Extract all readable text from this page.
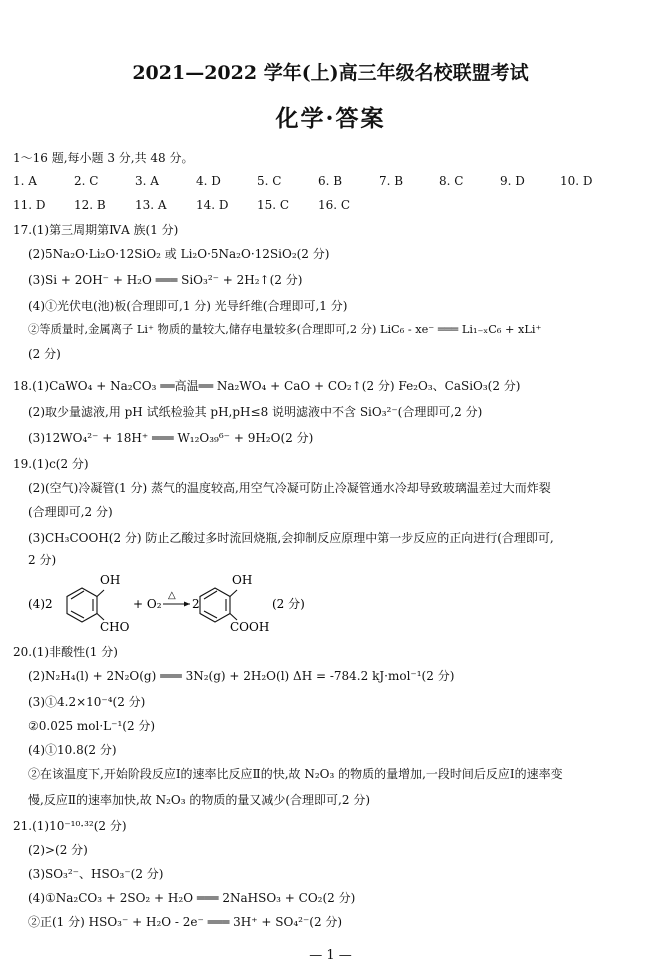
2021—2022 学年(上)高三年级名校联盟考试
化学·答案
1～16 题,每小题 3 分,共 48 分。
1. A	2. C	3. A	4. D	5. C	6. B	7. B	8. C	9. D	10. D
11. D 12. B 13. A 14. D 15. C 16. C
17.(1)第三周期第ⅣA 族(1 分)
(2)5Na₂O·Li₂O·12SiO₂ 或 Li₂O·5Na₂O·12SiO₂(2 分)
(3)Si + 2OH⁻ + H₂O ═══ SiO₃²⁻ + 2H₂↑(2 分)
(4)①光伏电(池)板(合理即可,1 分) 光导纤维(合理即可,1 分)
②等质量时,金属离子 Li⁺ 物质的量较大,储存电量较多(合理即可,2 分) LiC₆ - xe⁻ ═══ Li₁₋ₓC₆ + xLi⁺
(2 分)
18.(1)CaWO₄ + Na₂CO₃ ══高温══ Na₂WO₄ + CaO + CO₂↑(2 分) Fe₂O₃、CaSiO₃(2 分)
(2)取少量滤液,用 pH 试纸检验其 pH,pH≤8 说明滤液中不含 SiO₃²⁻(合理即可,2 分)
(3)12WO₄²⁻ + 18H⁺ ═══ W₁₂O₃₉⁶⁻ + 9H₂O(2 分)
19.(1)c(2 分)
(2)(空气)冷凝管(1 分) 蒸气的温度较高,用空气冷凝可防止冷凝管通水冷却导致玻璃温差过大而炸裂
(合理即可,2 分)
(3)CH₃COOH(2 分) 防止乙酸过多时流回烧瓶,会抑制反应原理中第一步反应的正向进行(合理即可,
2 分)
(4)2
OH
CHO
+ O₂
△
2
OH
COOH
(2 分)
20.(1)非酸性(1 分)
(2)N₂H₄(l) + 2N₂O(g) ═══ 3N₂(g) + 2H₂O(l) ΔH = -784.2 kJ·mol⁻¹(2 分)
(3)①4.2×10⁻⁴(2 分)
②0.025 mol·L⁻¹(2 分)
(4)①10.8(2 分)
②在该温度下,开始阶段反应Ⅰ的速率比反应Ⅱ的快,故 N₂O₃ 的物质的量增加,一段时间后反应Ⅰ的速率变
慢,反应Ⅱ的速率加快,故 N₂O₃ 的物质的量又减少(合理即可,2 分)
21.(1)10⁻¹⁰·³²(2 分)
(2)>(2 分)
(3)SO₃²⁻、HSO₃⁻(2 分)
(4)①Na₂CO₃ + 2SO₂ + H₂O ═══ 2NaHSO₃ + CO₂(2 分)
②正(1 分) HSO₃⁻ + H₂O - 2e⁻ ═══ 3H⁺ + SO₄²⁻(2 分)
— 1 —
